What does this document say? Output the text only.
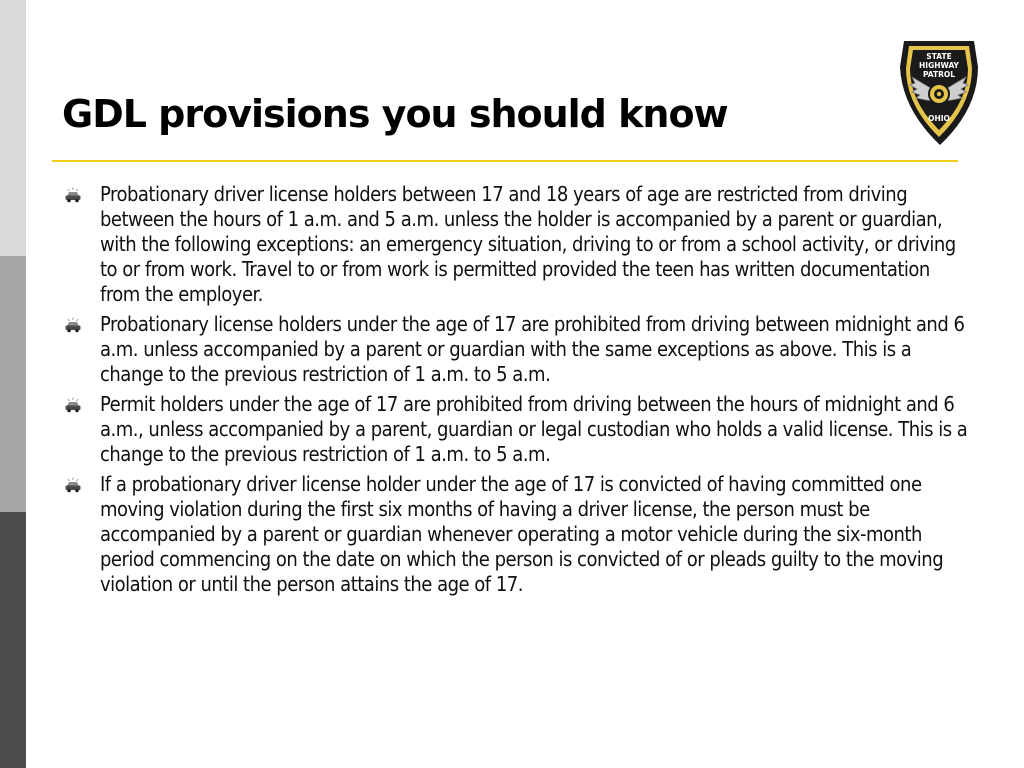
GDL provisions you should know
STATE
HIGHWAY
PATROL
OHIO
Probationary driver license holders between 17 and 18 years of age are restricted from driving between the hours of 1 a.m. and 5 a.m. unless the holder is accompanied by a parent or guardian, with the following exceptions: an emergency situation, driving to or from a school activity, or driving to or from work. Travel to or from work is permitted provided the teen has written documentation from the employer.
Probationary license holders under the age of 17 are prohibited from driving between midnight and 6 a.m. unless accompanied by a parent or guardian with the same exceptions as above. This is a change to the previous restriction of 1 a.m. to 5 a.m.
Permit holders under the age of 17 are prohibited from driving between the hours of midnight and 6 a.m., unless accompanied by a parent, guardian or legal custodian who holds a valid license. This is a change to the previous restriction of 1 a.m. to 5 a.m.
If a probationary driver license holder under the age of 17 is convicted of having committed one moving violation during the first six months of having a driver license, the person must be accompanied by a parent or guardian whenever operating a motor vehicle during the six-month period commencing on the date on which the person is convicted of or pleads guilty to the moving violation or until the person attains the age of 17.
